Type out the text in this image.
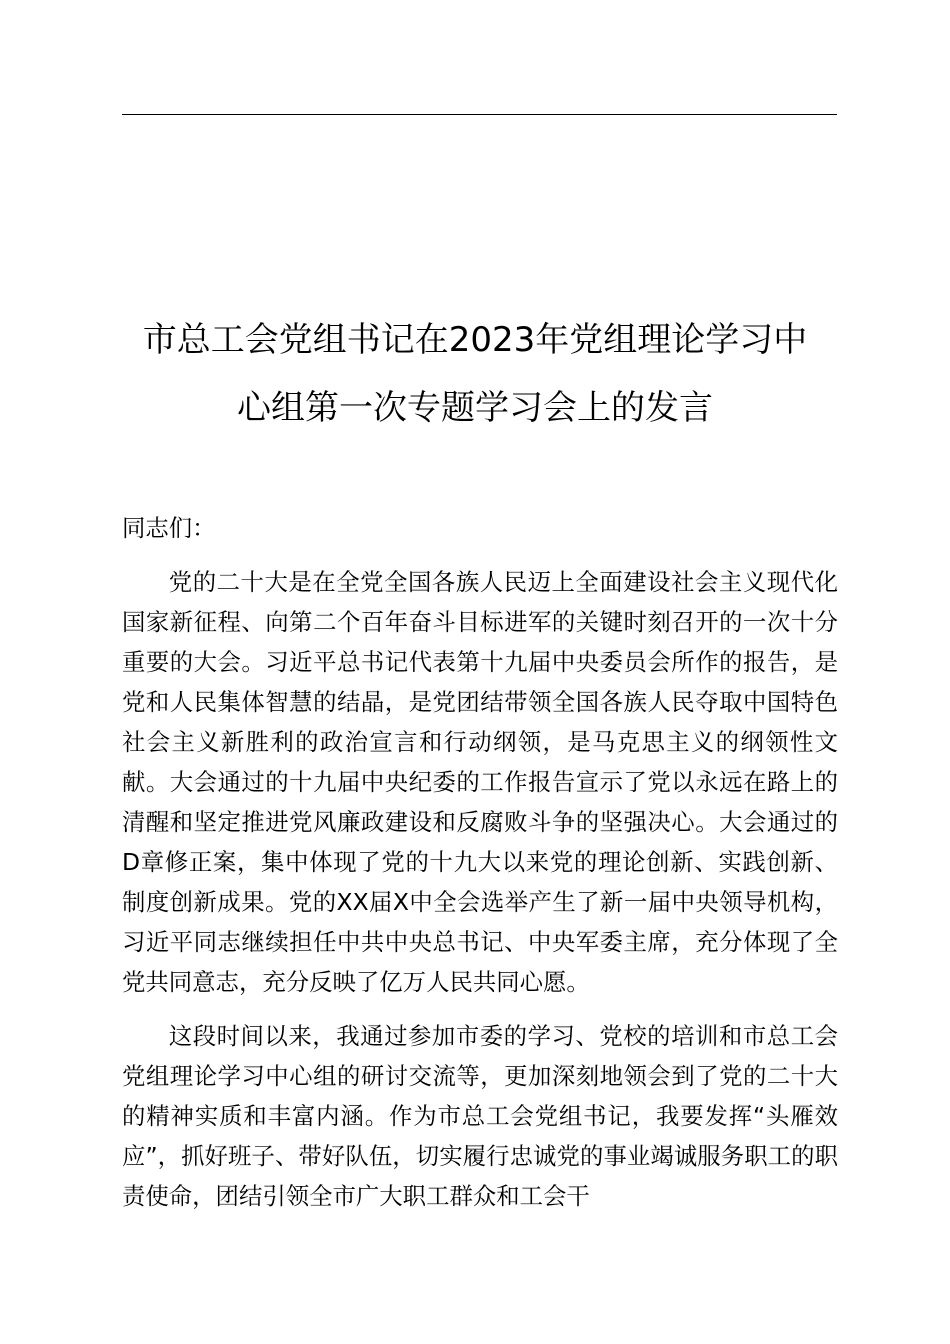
市总工会党组书记在2023年党组理论学习中
心组第一次专题学习会上的发言

同志们：

党的二十大是在全党全国各族人民迈上全面建设社会主义现代化国家新征程、向第二个百年奋斗目标进军的关键时刻召开的一次十分重要的大会。习近平总书记代表第十九届中央委员会所作的报告，是党和人民集体智慧的结晶，是党团结带领全国各族人民夺取中国特色社会主义新胜利的政治宣言和行动纲领，是马克思主义的纲领性文献。大会通过的十九届中央纪委的工作报告宣示了党以永远在路上的清醒和坚定推进党风廉政建设和反腐败斗争的坚强决心。大会通过的D章修正案，集中体现了党的十九大以来党的理论创新、实践创新、制度创新成果。党的XX届X中全会选举产生了新一届中央领导机构，习近平同志继续担任中共中央总书记、中央军委主席，充分体现了全党共同意志，充分反映了亿万人民共同心愿。

这段时间以来，我通过参加市委的学习、党校的培训和市总工会党组理论学习中心组的研讨交流等，更加深刻地领会到了党的二十大的精神实质和丰富内涵。作为市总工会党组书记，我要发挥“头雁效应”，抓好班子、带好队伍，切实履行忠诚党的事业竭诚服务职工的职责使命，团结引领全市广大职工群众和工会干
